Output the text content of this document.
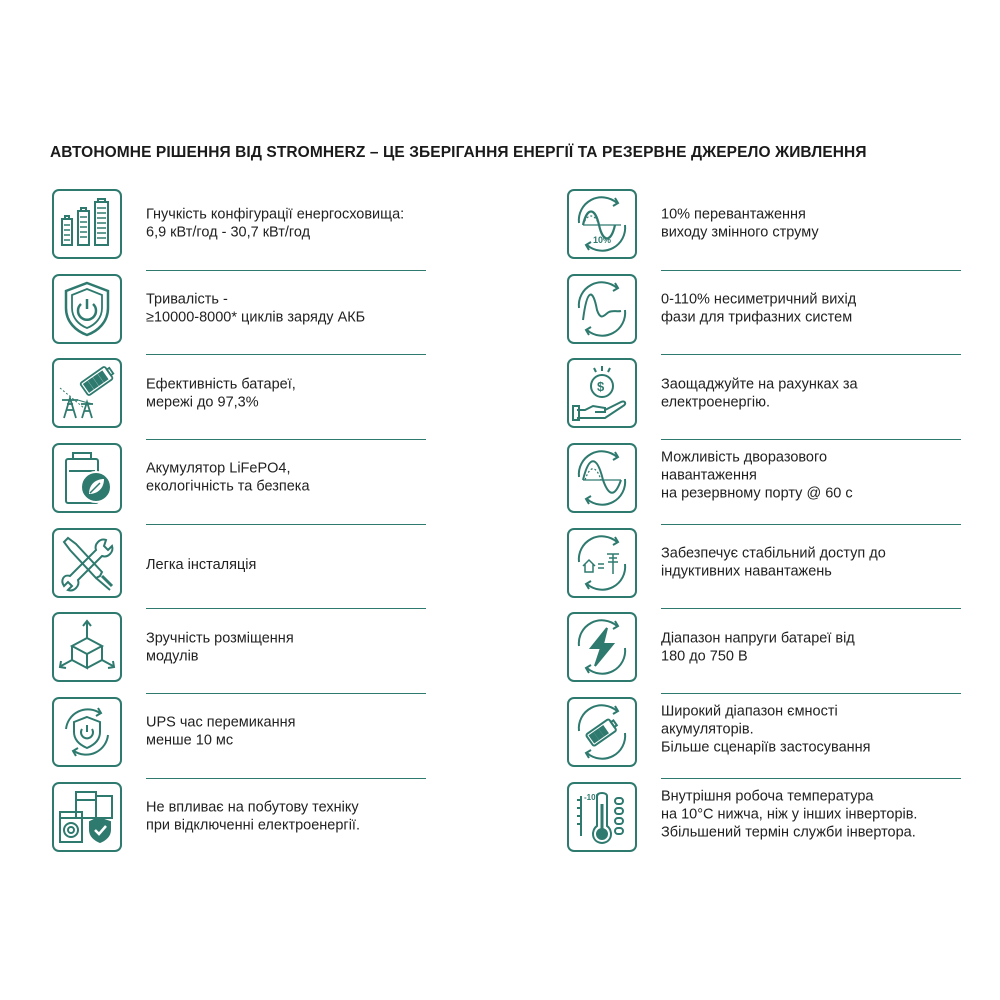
АВТОНОМНЕ РІШЕННЯ ВІД STROMHERZ – ЦЕ ЗБЕРІГАННЯ ЕНЕРГІЇ ТА РЕЗЕРВНЕ ДЖЕРЕЛО ЖИВЛЕННЯ
Гнучкість конфігурації енергосховища:
6,9 кВт/год - 30,7 кВт/год
Тривалість -
≥10000-8000* циклів заряду АКБ
Ефективність батареї,
мережі до 97,3%
Акумулятор LiFePO4,
екологічність та безпека
Легка інсталяція
Зручність розміщення
модулів
UPS час перемикання
менше 10 мс
Не впливає на побутову техніку
при відключенні електроенергії.
10%
10% перевантаження
виходу змінного струму
0-110% несиметричний вихід
фази для трифазних систем
$	Заощаджуйте на рахунках за
електроенергію.
Можливість дворазового
навантаження
на резервному порту @ 60 с
Забезпечує стабільний доступ до
індуктивних навантажень
Діапазон напруги батареї від
180 до 750 В
Широкий діапазон ємності
акумуляторів.
Більше сценаріїв застосування
-10°	Внутрішня робоча температура
на 10°С нижча, ніж у інших інверторів.
Збільшений термін служби інвертора.
